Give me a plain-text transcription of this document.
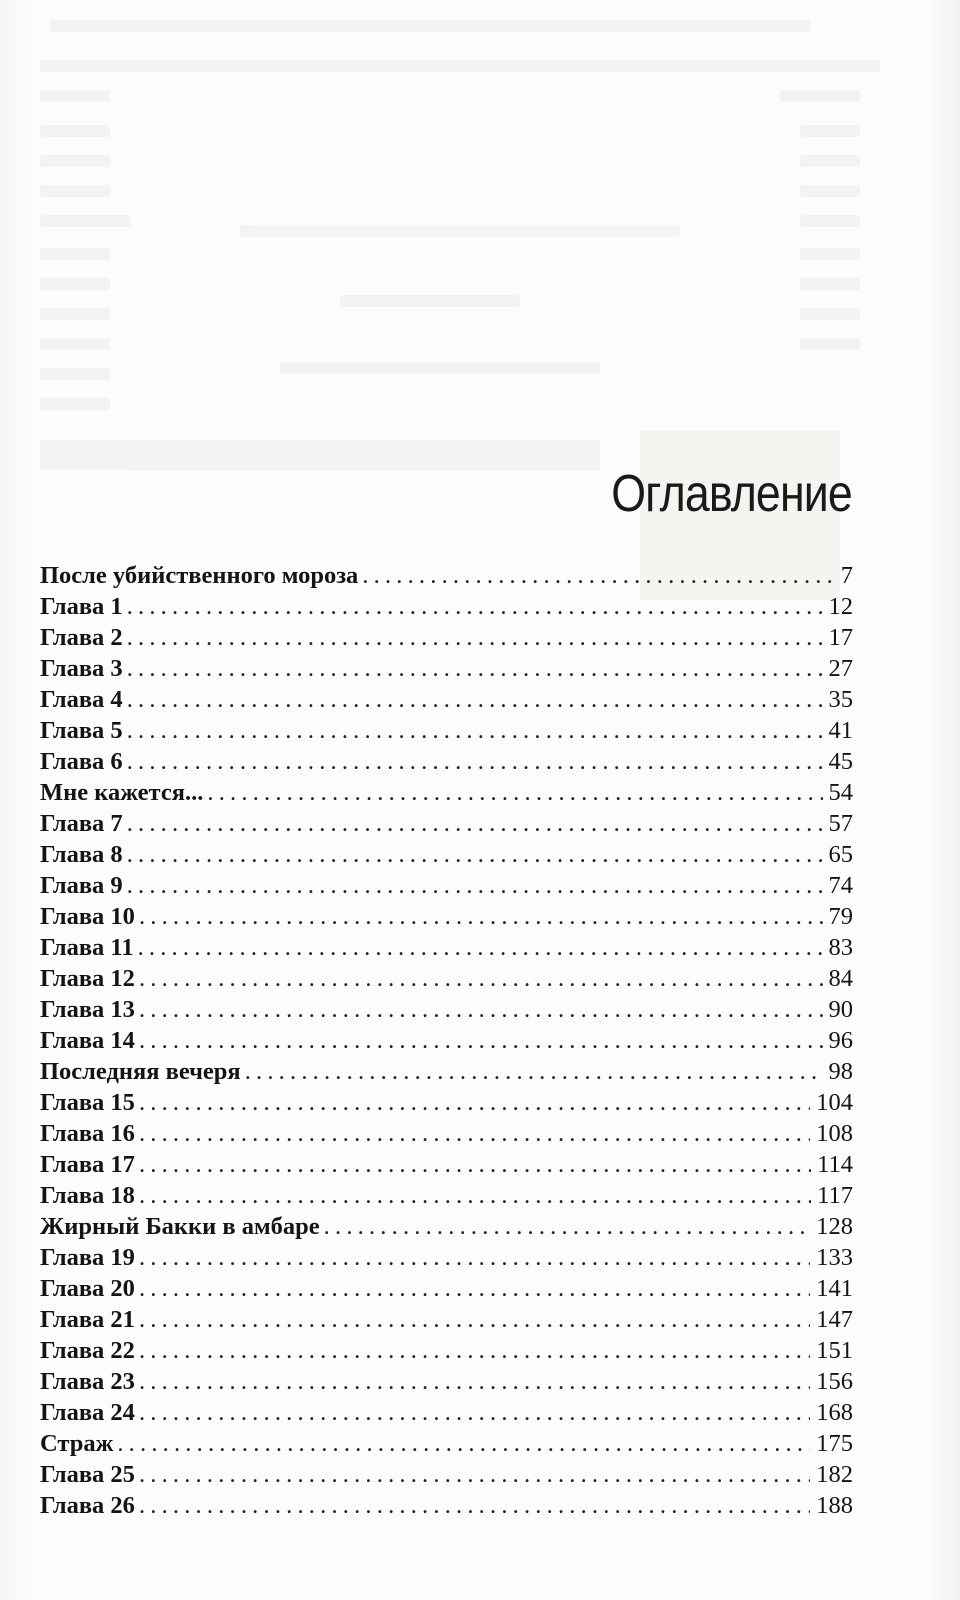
Оглавление
После убийственного мороза .....	7
Глава 1 .....	12
Глава 2 .....	17
Глава 3 .....	27
Глава 4 .....	35
Глава 5 .....	41
Глава 6 .....	45
Мне кажется... .....	54
Глава 7 .....	57
Глава 8 .....	65
Глава 9 .....	74
Глава 10 .....	79
Глава 11 .....	83
Глава 12 .....	84
Глава 13 .....	90
Глава 14 .....	96
Последняя вечеря .....	98
Глава 15 .....	104
Глава 16 .....	108
Глава 17 .....	114
Глава 18 .....	117
Жирный Бакки в амбаре .....	128
Глава 19 .....	133
Глава 20 .....	141
Глава 21 .....	147
Глава 22 .....	151
Глава 23 .....	156
Глава 24 .....	168
Страж .....	175
Глава 25 .....	182
Глава 26 .....	188
